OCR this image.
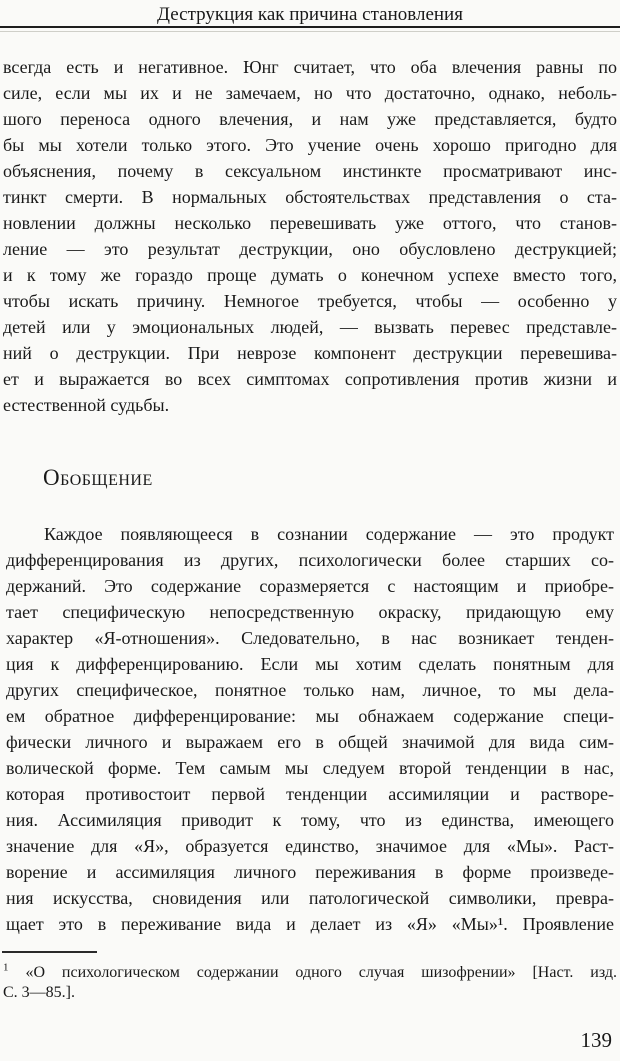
Деструкция как причина становления
всегда есть и негативное. Юнг считает, что оба влечения равны по
силе, если мы их и не замечаем, но что достаточно, однако, неболь-
шого переноса одного влечения, и нам уже представляется, будто
бы мы хотели только этого. Это учение очень хорошо пригодно для
объяснения, почему в сексуальном инстинкте просматривают инс-
тинкт смерти. В нормальных обстоятельствах представления о ста-
новлении должны несколько перевешивать уже оттого, что станов-
ление — это результат деструкции, оно обусловлено деструкцией;
и к тому же гораздо проще думать о конечном успехе вместо того,
чтобы искать причину. Немногое требуется, чтобы — особенно у
детей или у эмоциональных людей, — вызвать перевес представле-
ний о деструкции. При неврозе компонент деструкции перевешива-
ет и выражается во всех симптомах сопротивления против жизни и
естественной судьбы.
Обобщение
Каждое появляющееся в сознании содержание — это продукт
дифференцирования из других, психологически более старших со-
держаний. Это содержание соразмеряется с настоящим и приобре-
тает специфическую непосредственную окраску, придающую ему
характер «Я-отношения». Следовательно, в нас возникает тенден-
ция к дифференцированию. Если мы хотим сделать понятным для
других специфическое, понятное только нам, личное, то мы дела-
ем обратное дифференцирование: мы обнажаем содержание специ-
фически личного и выражаем его в общей значимой для вида сим-
волической форме. Тем самым мы следуем второй тенденции в нас,
которая противостоит первой тенденции ассимиляции и растворе-
ния. Ассимиляция приводит к тому, что из единства, имеющего
значение для «Я», образуется единство, значимое для «Мы». Раст-
ворение и ассимиляция личного переживания в форме произведе-
ния искусства, сновидения или патологической символики, превра-
щает это в переживание вида и делает из «Я» «Мы»¹. Проявление
$^1$ «О психологическом содержании одного случая шизофрении» [Наст. изд.
С. 3—85.].
139
